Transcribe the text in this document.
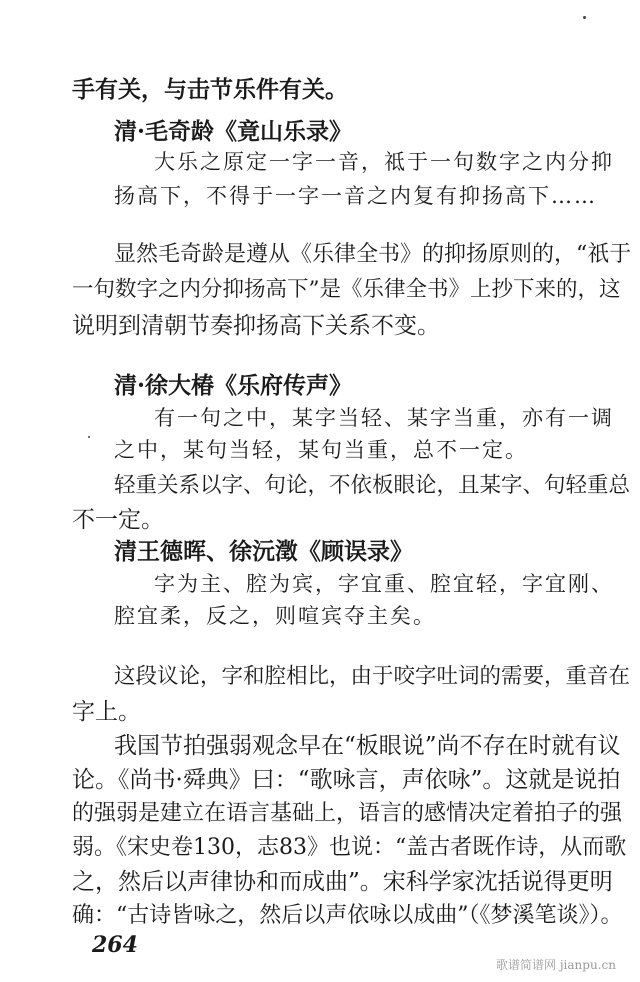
手有关，与击节乐件有关。
清·毛奇龄《竟山乐录》
大乐之原定一字一音，祗于一句数字之内分抑
扬高下，不得于一字一音之内复有抑扬高下……
显然毛奇龄是遵从《乐律全书》的抑扬原则的，“祇于
一句数字之内分抑扬高下”是《乐律全书》上抄下来的，这
说明到清朝节奏抑扬高下关系不变。
清·徐大椿《乐府传声》
有一句之中，某字当轻、某字当重，亦有一调
之中，某句当轻，某句当重，总不一定。
轻重关系以字、句论，不依板眼论，且某字、句轻重总
不一定。
清王德晖、徐沅澂《顾误录》
字为主、腔为宾，字宜重、腔宜轻，字宜刚、
腔宜柔，反之，则喧宾夺主矣。
这段议论，字和腔相比，由于咬字吐词的需要，重音在
字上。
我国节拍强弱观念早在“板眼说”尚不存在时就有议
论。《尚书·舜典》曰：“歌咏言，声依咏”。这就是说拍
的强弱是建立在语言基础上，语言的感情决定着拍子的强
弱。《宋史卷130，志83》也说：“盖古者既作诗，从而歌
之，然后以声律协和而成曲”。宋科学家沈括说得更明
确：“古诗皆咏之，然后以声依咏以成曲”（《梦溪笔谈》）。
264
歌谱简谱网 jianpu.cn
